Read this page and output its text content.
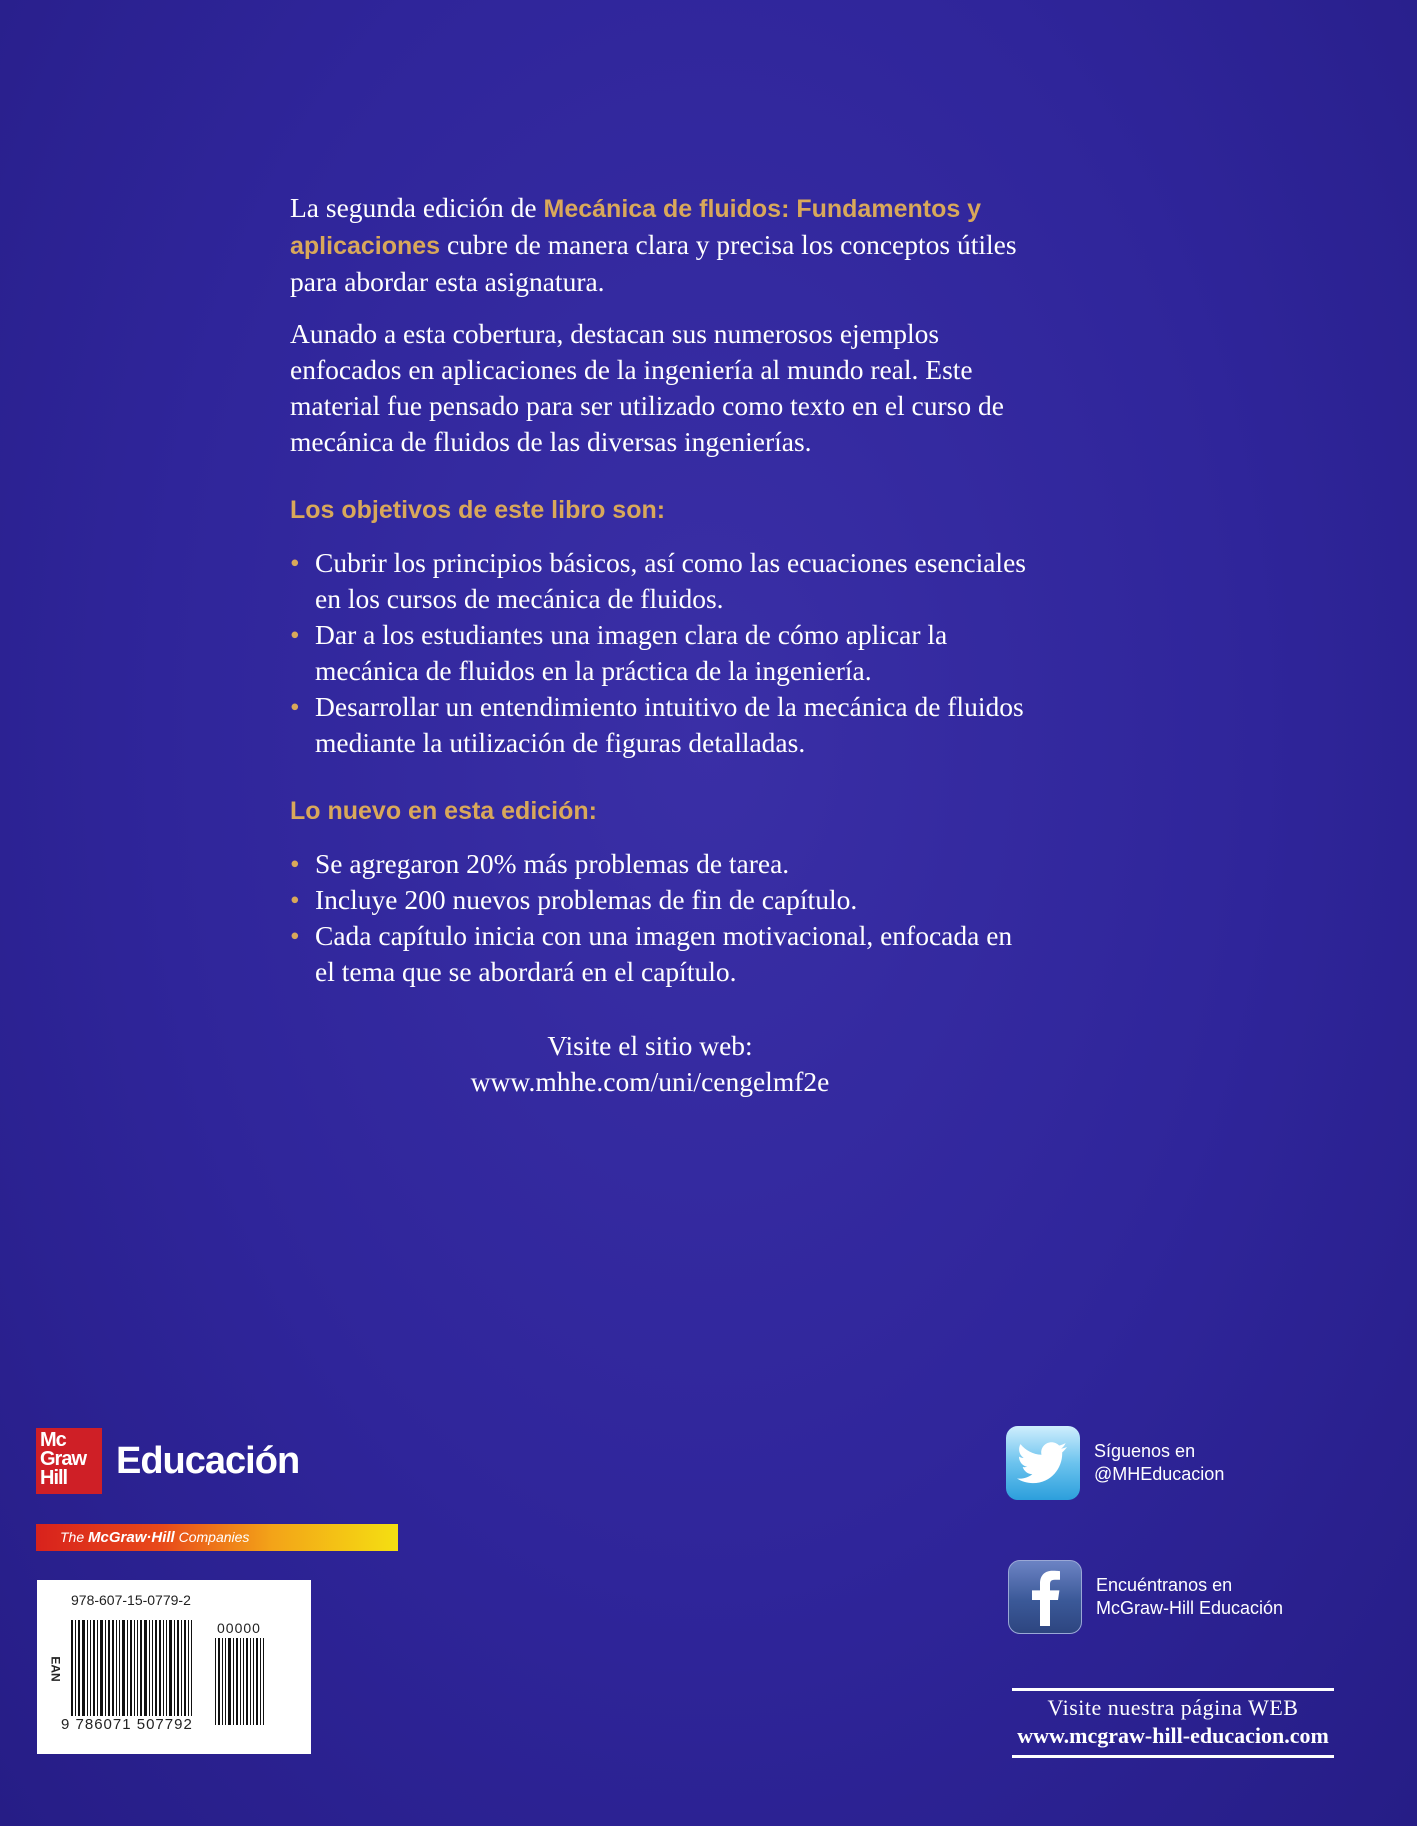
La segunda edición de Mecánica de fluidos: Fundamentos y aplicaciones cubre de manera clara y precisa los conceptos útiles para abordar esta asignatura.

Aunado a esta cobertura, destacan sus numerosos ejemplos enfocados en aplicaciones de la ingeniería al mundo real. Este material fue pensado para ser utilizado como texto en el curso de mecánica de fluidos de las diversas ingenierías.

Los objetivos de este libro son:
• Cubrir los principios básicos, así como las ecuaciones esenciales en los cursos de mecánica de fluidos.
• Dar a los estudiantes una imagen clara de cómo aplicar la mecánica de fluidos en la práctica de la ingeniería.
• Desarrollar un entendimiento intuitivo de la mecánica de fluidos mediante la utilización de figuras detalladas.
Lo nuevo en esta edición:
• Se agregaron 20% más problemas de tarea.
• Incluye 200 nuevos problemas de fin de capítulo.
• Cada capítulo inicia con una imagen motivacional, enfocada en el tema que se abordará en el capítulo.
Visite el sitio web:
www.mhhe.com/uni/cengelmf2e
Mc
Graw
Hill	Educación
The McGraw·Hill Companies
978-607-15-0779-2
00000
EAN
9 786071 507792
Síguenos en
@MHEducacion
Encuéntranos en
McGraw-Hill Educación
Visite nuestra página WEB
www.mcgraw-hill-educacion.com
